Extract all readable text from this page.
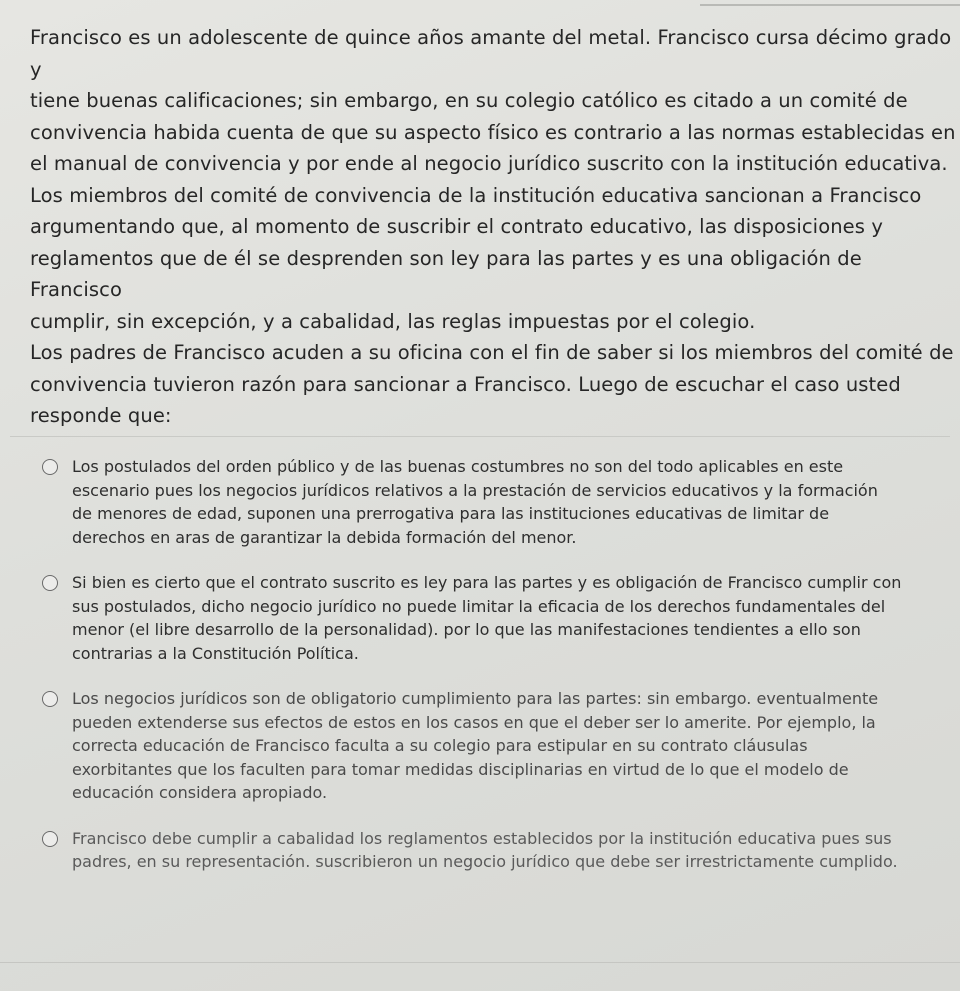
Francisco es un adolescente de quince años amante del metal. Francisco cursa décimo grado y
tiene buenas calificaciones; sin embargo, en su colegio católico es citado a un comité de
convivencia habida cuenta de que su aspecto físico es contrario a las normas establecidas en
el manual de convivencia y por ende al negocio jurídico suscrito con la institución educativa.
Los miembros del comité de convivencia de la institución educativa sancionan a Francisco
argumentando que, al momento de suscribir el contrato educativo, las disposiciones y
reglamentos que de él se desprenden son ley para las partes y es una obligación de Francisco
cumplir, sin excepción, y a cabalidad, las reglas impuestas por el colegio.
Los padres de Francisco acuden a su oficina con el fin de saber si los miembros del comité de
convivencia tuvieron razón para sancionar a Francisco. Luego de escuchar el caso usted
responde que:

Los postulados del orden público y de las buenas costumbres no son del todo aplicables en este
escenario pues los negocios jurídicos relativos a la prestación de servicios educativos y la formación
de menores de edad, suponen una prerrogativa para las instituciones educativas de limitar de
derechos en aras de garantizar la debida formación del menor.
Si bien es cierto que el contrato suscrito es ley para las partes y es obligación de Francisco cumplir con
sus postulados, dicho negocio jurídico no puede limitar la eficacia de los derechos fundamentales del
menor (el libre desarrollo de la personalidad). por lo que las manifestaciones tendientes a ello son
contrarias a la Constitución Política.
Los negocios jurídicos son de obligatorio cumplimiento para las partes: sin embargo. eventualmente
pueden extenderse sus efectos de estos en los casos en que el deber ser lo amerite. Por ejemplo, la
correcta educación de Francisco faculta a su colegio para estipular en su contrato cláusulas
exorbitantes que los faculten para tomar medidas disciplinarias en virtud de lo que el modelo de
educación considera apropiado.
Francisco debe cumplir a cabalidad los reglamentos establecidos por la institución educativa pues sus
padres, en su representación. suscribieron un negocio jurídico que debe ser irrestrictamente cumplido.
